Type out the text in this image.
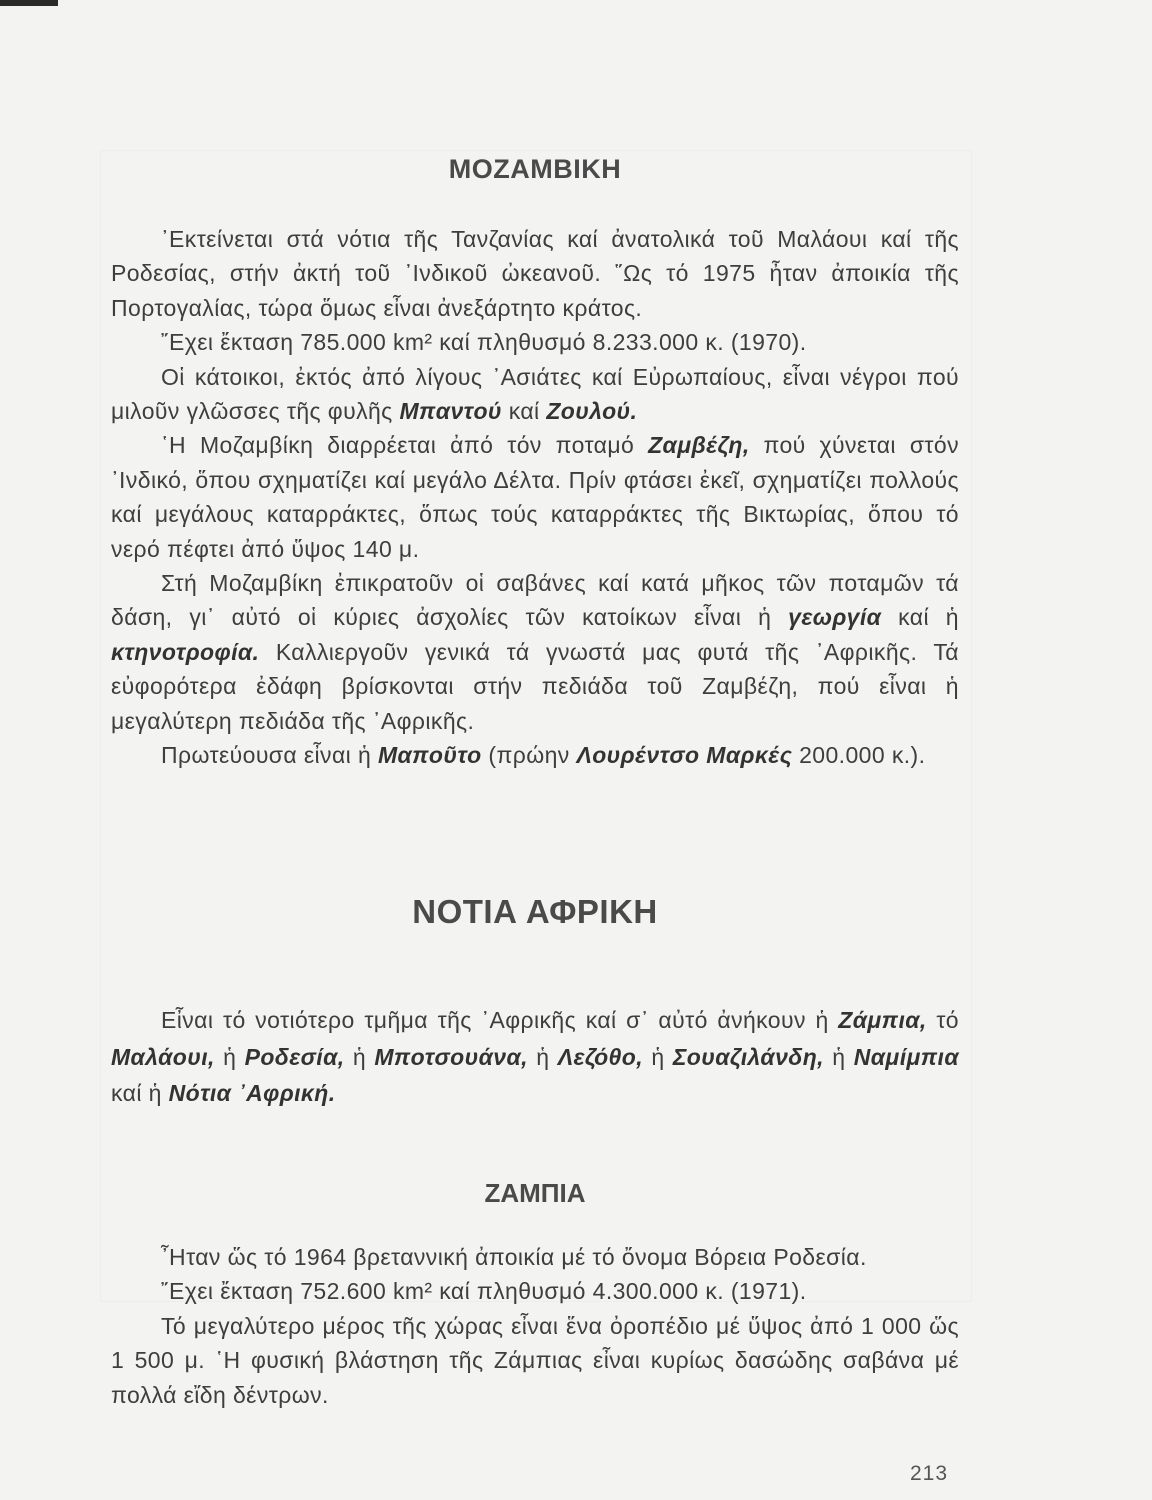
ΜΟΖΑΜΒΙΚΗ

᾽Εκτείνεται στά νότια τῆς Τανζανίας καί ἀνατολικά τοῦ Μαλάουι καί τῆς Ροδεσίας, στήν ἀκτή τοῦ ᾽Ινδικοῦ ὠκεανοῦ. ῞Ως τό 1975 ἦταν ἀποικία τῆς Πορτογαλίας, τώρα ὅμως εἶναι ἀνεξάρτητο κράτος.

῎Εχει ἔκταση 785.000 km² καί πληθυσμό 8.233.000 κ. (1970).

Οἱ κάτοικοι, ἐκτός ἀπό λίγους ᾽Ασιάτες καί Εὐρωπαίους, εἶναι νέγροι πού μιλοῦν γλῶσσες τῆς φυλῆς Μπαντού καί Ζουλού.

῾Η Μοζαμβίκη διαρρέεται ἀπό τόν ποταμό Ζαμβέζη, πού χύνεται στόν ᾽Ινδικό, ὅπου σχηματίζει καί μεγάλο Δέλτα. Πρίν φτάσει ἐκεῖ, σχηματίζει πολλούς καί μεγάλους καταρράκτες, ὅπως τούς καταρράκτες τῆς Βικτωρίας, ὅπου τό νερό πέφτει ἀπό ὕψος 140 μ.

Στή Μοζαμβίκη ἐπικρατοῦν οἱ σαβάνες καί κατά μῆκος τῶν ποταμῶν τά δάση, γι᾽ αὐτό οἱ κύριες ἀσχολίες τῶν κατοίκων εἶναι ἡ γεωργία καί ἡ κτηνοτροφία. Καλλιεργοῦν γενικά τά γνωστά μας φυτά τῆς ᾽Αφρικῆς. Τά εὐφορότερα ἐδάφη βρίσκονται στήν πεδιάδα τοῦ Ζαμβέζη, πού εἶναι ἡ μεγαλύτερη πεδιάδα τῆς ᾽Αφρικῆς.

Πρωτεύουσα εἶναι ἡ Μαποῦτο (πρώην Λουρέντσο Μαρκές 200.000 κ.).

ΝΟΤΙΑ ΑΦΡΙΚΗ

Εἶναι τό νοτιότερο τμῆμα τῆς ᾽Αφρικῆς καί σ᾽ αὐτό ἀνήκουν ἡ Ζάμπια, τό Μαλάουι, ἡ Ροδεσία, ἡ Μποτσουάνα, ἡ Λεζόθο, ἡ Σουαζιλάνδη, ἡ Ναμίμπια καί ἡ Νότια ᾽Αφρική.

ΖΑΜΠΙΑ

῏Ηταν ὥς τό 1964 βρεταννική ἀποικία μέ τό ὄνομα Βόρεια Ροδεσία.

῎Εχει ἔκταση 752.600 km² καί πληθυσμό 4.300.000 κ. (1971).

Τό μεγαλύτερο μέρος τῆς χώρας εἶναι ἕνα ὀροπέδιο μέ ὕψος ἀπό 1 000 ὥς 1 500 μ. ῾Η φυσική βλάστηση τῆς Ζάμπιας εἶναι κυρίως δασώδης σαβάνα μέ πολλά εἴδη δέντρων.

213
